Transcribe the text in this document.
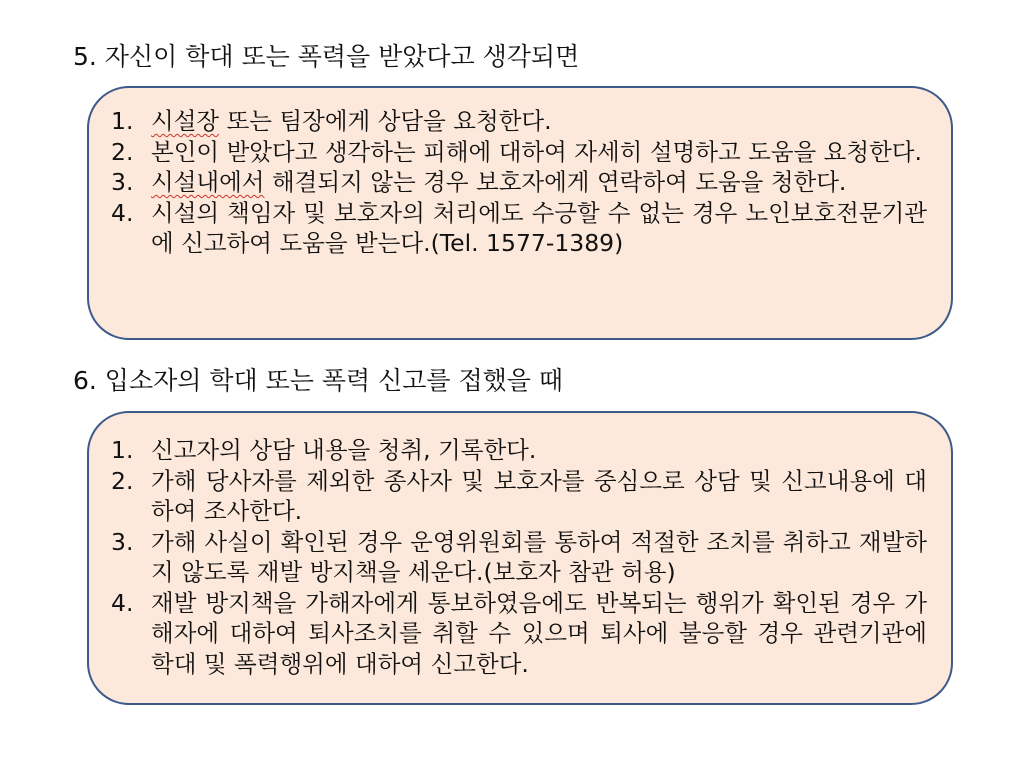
5. 자신이 학대 또는 폭력을 받았다고 생각되면
1. 시설장 또는 팀장에게 상담을 요청한다.
2. 본인이 받았다고 생각하는 피해에 대하여 자세히 설명하고 도움을 요청한다.
3. 시설내에서 해결되지 않는 경우 보호자에게 연락하여 도움을 청한다.
4. 시설의 책임자 및 보호자의 처리에도 수긍할 수 없는 경우 노인보호전문기관에 신고하여 도움을 받는다.(Tel. 1577-1389)
6. 입소자의 학대 또는 폭력 신고를 접했을 때
1. 신고자의 상담 내용을 청취, 기록한다.
2. 가해 당사자를 제외한 종사자 및 보호자를 중심으로 상담 및 신고내용에 대하여 조사한다.
3. 가해 사실이 확인된 경우 운영위원회를 통하여 적절한 조치를 취하고 재발하지 않도록 재발 방지책을 세운다.(보호자 참관 허용)
4. 재발 방지책을 가해자에게 통보하였음에도 반복되는 행위가 확인된 경우 가해자에 대하여 퇴사조치를 취할 수 있으며 퇴사에 불응할 경우 관련기관에 학대 및 폭력행위에 대하여 신고한다.
